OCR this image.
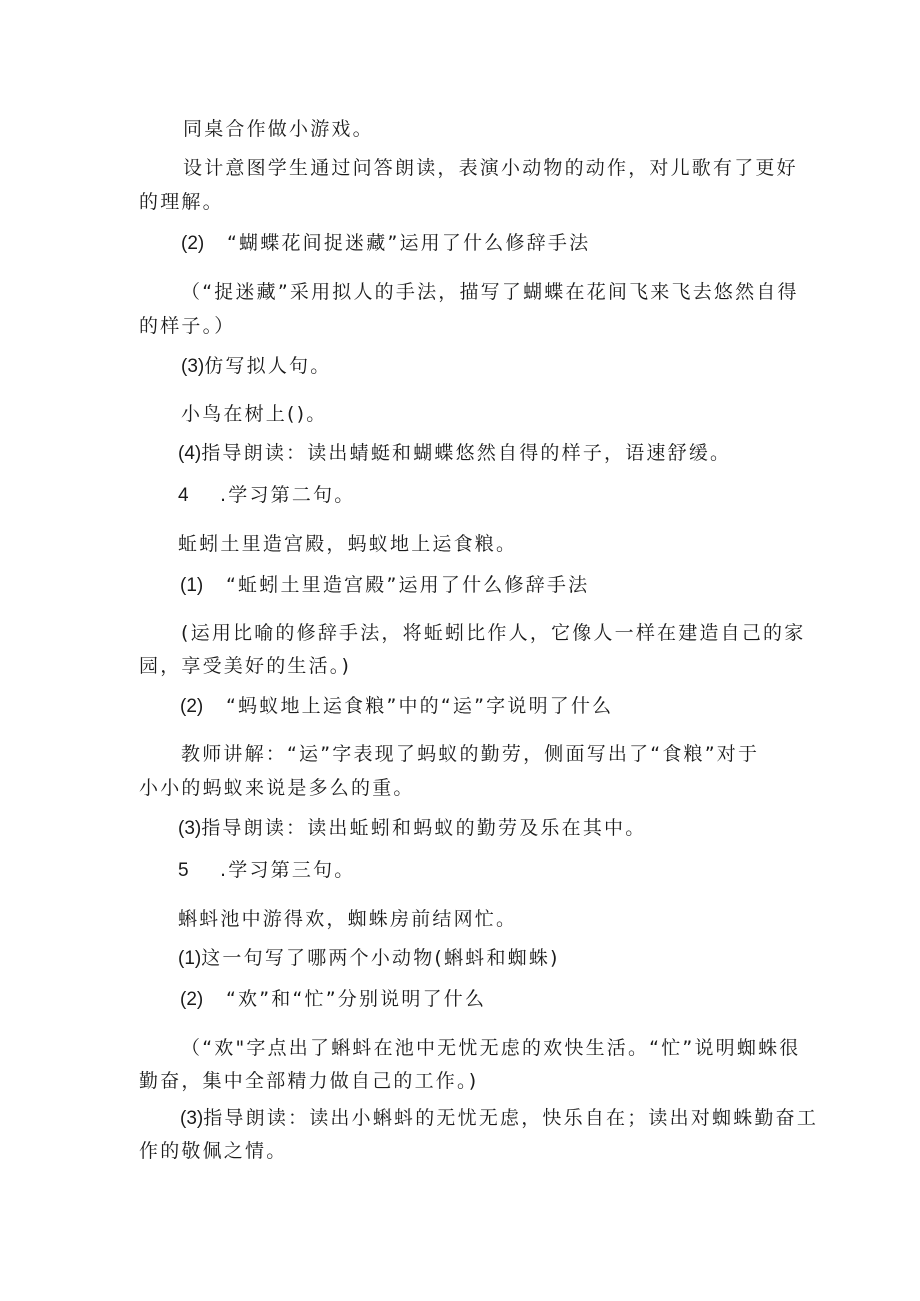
同桌合作做小游戏。
设计意图学生通过问答朗读，表演小动物的动作，对儿歌有了更好
的理解。
(2) “蝴蝶花间捉迷藏”运用了什么修辞手法
（“捉迷藏”采用拟人的手法，描写了蝴蝶在花间飞来飞去悠然自得
的样子。）
(3)仿写拟人句。
小鸟在树上()。
(4)指导朗读：读出蜻蜓和蝴蝶悠然自得的样子，语速舒缓。
4 .学习第二句。
蚯蚓土里造宫殿，蚂蚁地上运食粮。
(1) “蚯蚓土里造宫殿”运用了什么修辞手法
(运用比喻的修辞手法，将蚯蚓比作人，它像人一样在建造自己的家
园，享受美好的生活。)
(2) “蚂蚁地上运食粮”中的“运”字说明了什么
教师讲解：“运”字表现了蚂蚁的勤劳，侧面写出了“食粮”对于
小小的蚂蚁来说是多么的重。
(3)指导朗读：读出蚯蚓和蚂蚁的勤劳及乐在其中。
5 .学习第三句。
蝌蚪池中游得欢，蜘蛛房前结网忙。
(1)这一句写了哪两个小动物(蝌蚪和蜘蛛)
(2) “欢”和“忙”分别说明了什么
（“欢"字点出了蝌蚪在池中无忧无虑的欢快生活。“忙”说明蜘蛛很
勤奋，集中全部精力做自己的工作。)
(3)指导朗读：读出小蝌蚪的无忧无虑，快乐自在；读出对蜘蛛勤奋工
作的敬佩之情。
